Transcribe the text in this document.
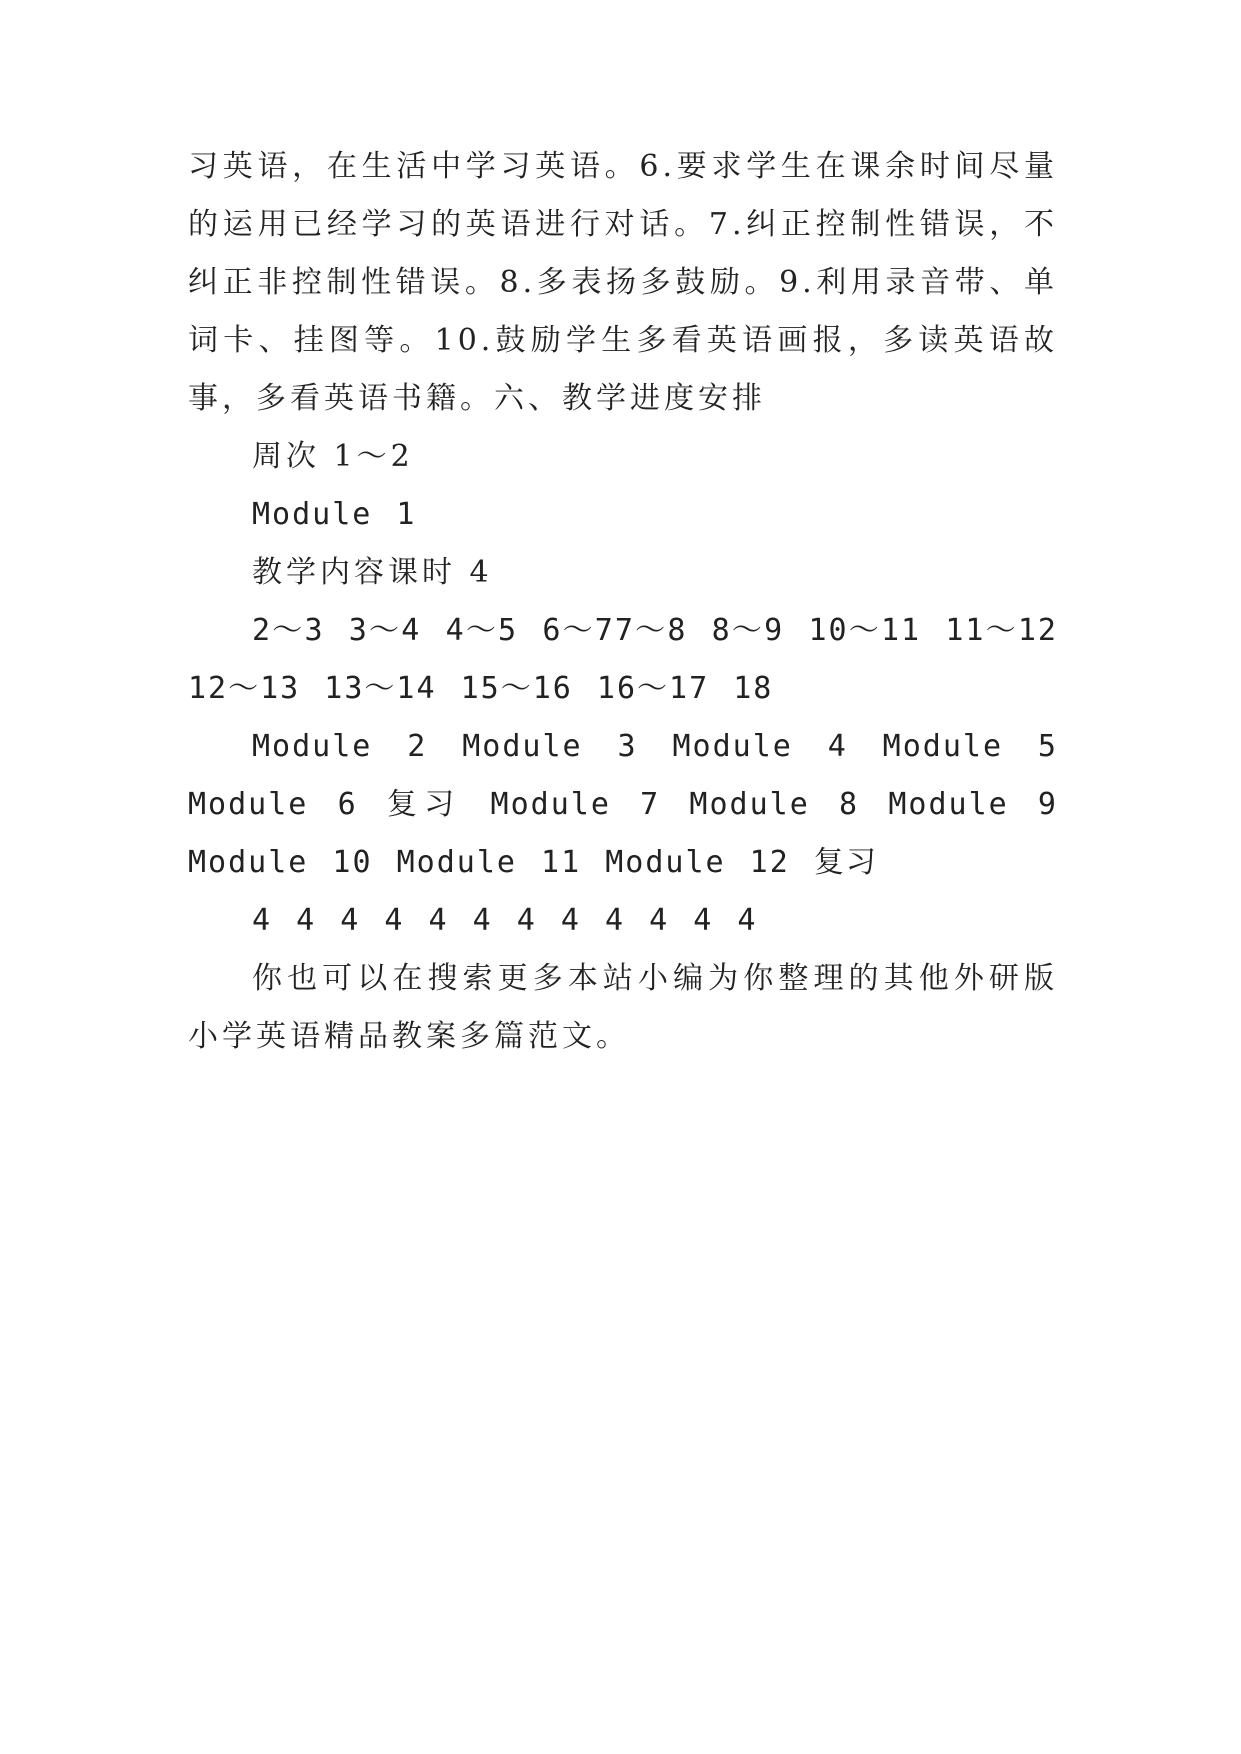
习英语，在生活中学习英语。6.要求学生在课余时间尽量的运用已经学习的英语进行对话。7.纠正控制性错误，不纠正非控制性错误。8.多表扬多鼓励。9.利用录音带、单词卡、挂图等。10.鼓励学生多看英语画报，多读英语故事，多看英语书籍。六、教学进度安排

周次 1～2

Module 1

教学内容课时 4

2～3 3～4 4～5 6～77～8 8～9 10～11 11～12 12～13 13～14 15～16 16～17 18

Module 2 Module 3 Module 4 Module 5 Module 6 复习 Module 7 Module 8 Module 9 Module 10 Module 11 Module 12 复习

4 4 4 4 4 4 4 4 4 4 4 4

你也可以在搜索更多本站小编为你整理的其他外研版小学英语精品教案多篇范文。
